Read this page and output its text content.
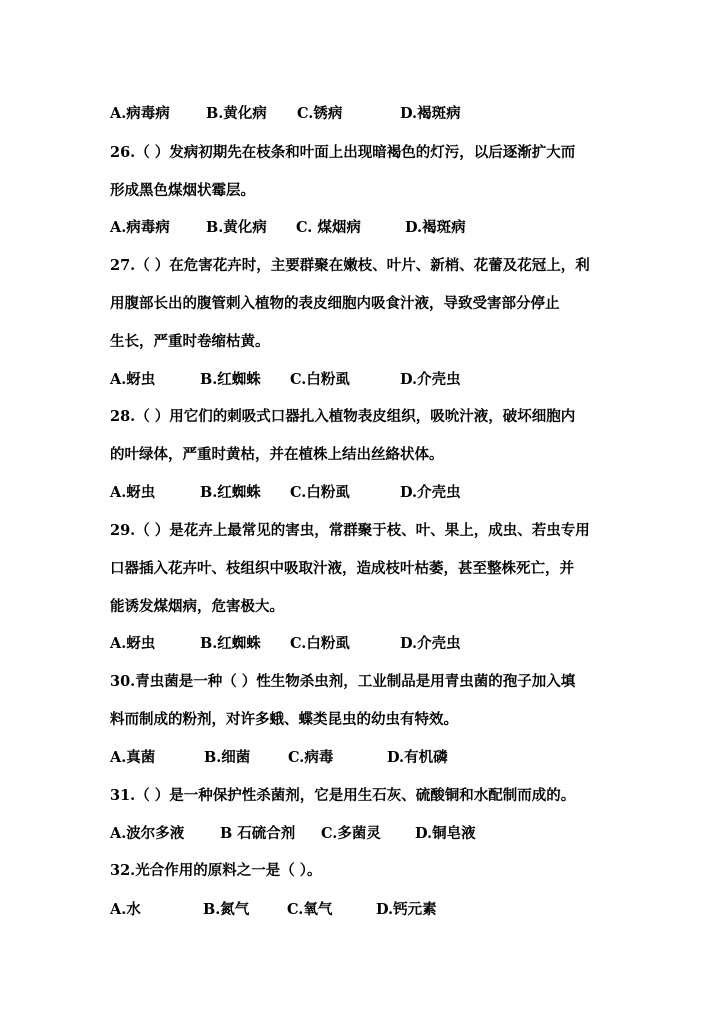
A.病毒病 B.黄化病 C.锈病	D.褐斑病
26.（ ）发病初期先在枝条和叶面上出现暗褐色的灯污，以后逐渐扩大而
形成黑色煤烟状霉层。
A.病毒病 B.黄化病 C. 煤烟病	D.褐斑病
27.（ ）在危害花卉时，主要群聚在嫩枝、叶片、新梢、花蕾及花冠上，利
用腹部长出的腹管刺入植物的表皮细胞内吸食汁液，导致受害部分停止
生长，严重时卷缩枯黄。
A.蚜虫	B.红蜘蛛 C.白粉虱	D.介壳虫
28.（ ）用它们的刺吸式口器扎入植物表皮组织，吸吮汁液，破坏细胞内
的叶绿体，严重时黄枯，并在植株上结出丝絡状体。
A.蚜虫	B.红蜘蛛 C.白粉虱	D.介壳虫
29.（ ）是花卉上最常见的害虫，常群聚于枝、叶、果上，成虫、若虫专用
口器插入花卉叶、枝组织中吸取汁液，造成枝叶枯萎，甚至整株死亡，并
能诱发煤烟病，危害极大。
A.蚜虫	B.红蜘蛛 C.白粉虱	D.介壳虫
30.青虫菌是一种（ ）性生物杀虫剂，工业制品是用青虫菌的孢子加入填
料而制成的粉剂，对许多蛾、蝶类昆虫的幼虫有特效。
A.真菌	B.细菌	C.病毒	D.有机磷
31.（ ）是一种保护性杀菌剂，它是用生石灰、硫酸铜和水配制而成的。
A.波尔多液 B 石硫合剂 C.多菌灵 D.铜皂液
32.光合作用的原料之一是（ ）。
A.水	B.氮气	C.氧气	D.钙元素
